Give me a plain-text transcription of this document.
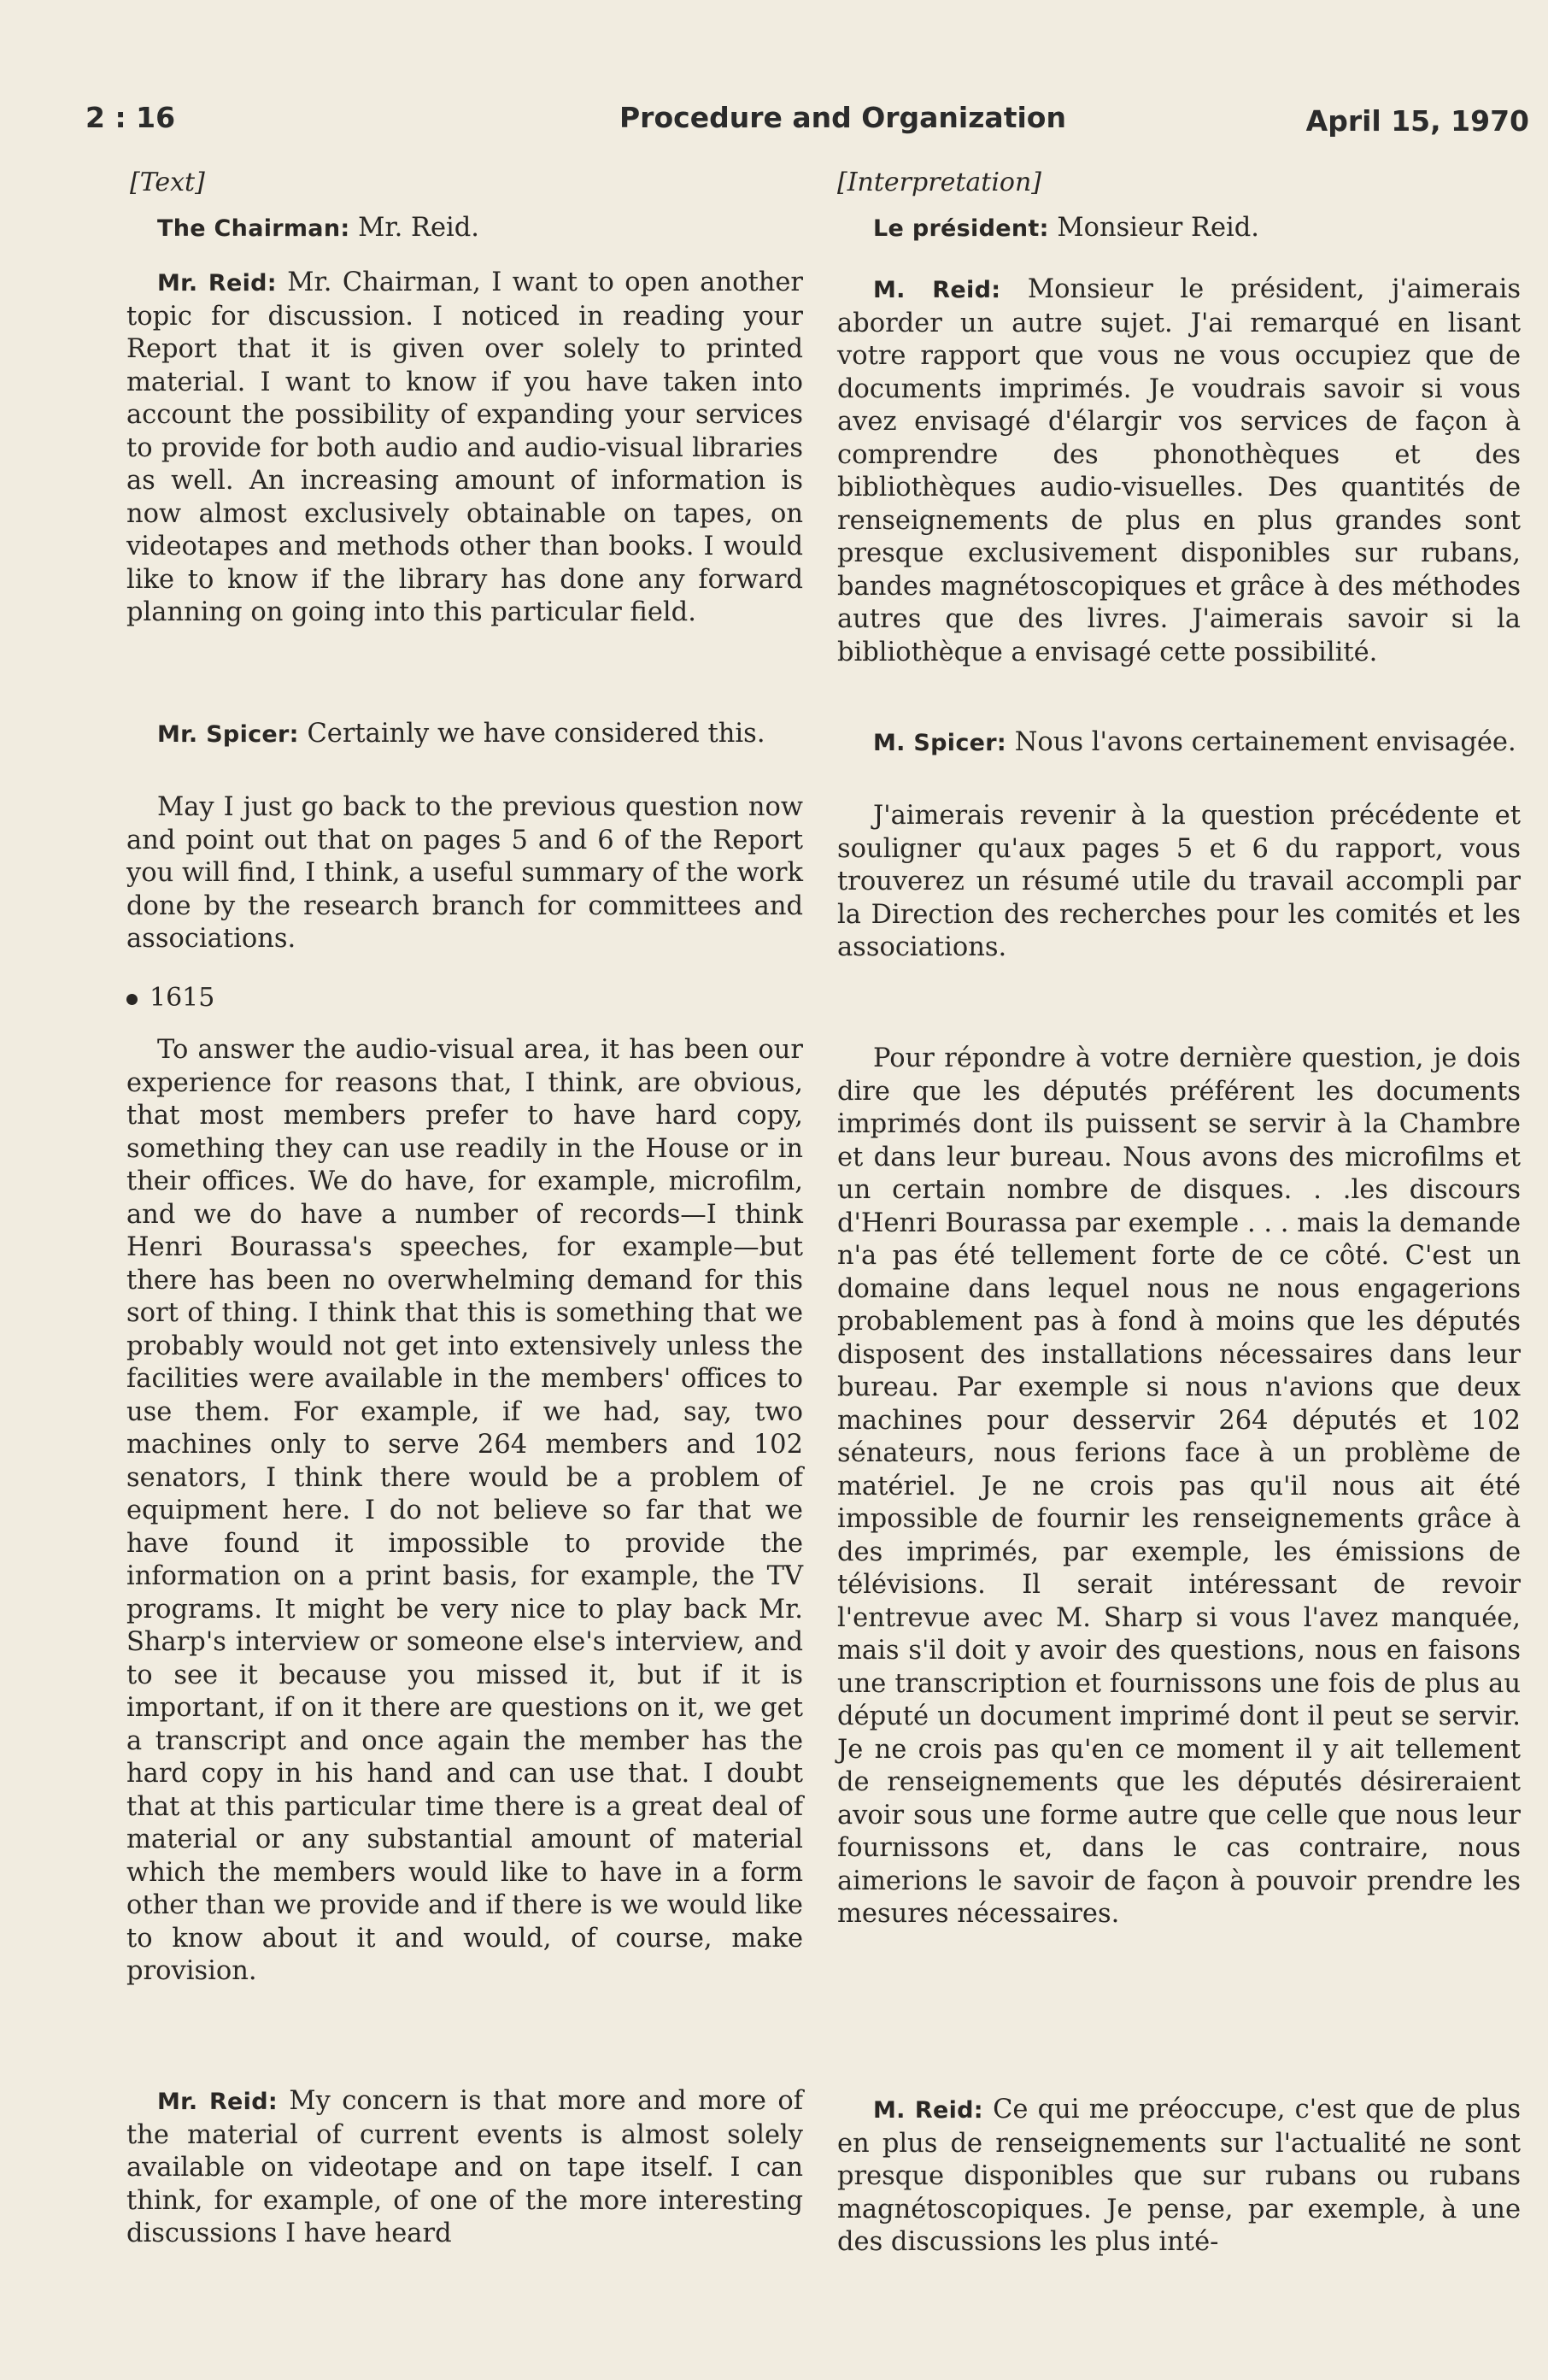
2 : 16	Procedure and Organization	April 15, 1970

[Text]

The Chairman: Mr. Reid.

Mr. Reid: Mr. Chairman, I want to open another topic for discussion. I noticed in reading your Report that it is given over solely to printed material. I want to know if you have taken into account the possibility of expanding your services to provide for both audio and audio-visual libraries as well. An increasing amount of information is now almost exclusively obtainable on tapes, on videotapes and methods other than books. I would like to know if the library has done any forward planning on going into this particular field.

Mr. Spicer: Certainly we have considered this.

May I just go back to the previous question now and point out that on pages 5 and 6 of the Report you will find, I think, a useful summary of the work done by the research branch for committees and associations.

1615

To answer the audio-visual area, it has been our experience for reasons that, I think, are obvious, that most members prefer to have hard copy, something they can use readily in the House or in their offices. We do have, for example, microfilm, and we do have a number of records—I think Henri Bourassa's speeches, for example—but there has been no overwhelming demand for this sort of thing. I think that this is something that we probably would not get into extensively unless the facilities were available in the members' offices to use them. For example, if we had, say, two machines only to serve 264 members and 102 senators, I think there would be a problem of equipment here. I do not believe so far that we have found it impossible to provide the information on a print basis, for example, the TV programs. It might be very nice to play back Mr. Sharp's interview or someone else's interview, and to see it because you missed it, but if it is important, if on it there are questions on it, we get a transcript and once again the member has the hard copy in his hand and can use that. I doubt that at this particular time there is a great deal of material or any substantial amount of material which the members would like to have in a form other than we provide and if there is we would like to know about it and would, of course, make provision.

Mr. Reid: My concern is that more and more of the material of current events is almost solely available on videotape and on tape itself. I can think, for example, of one of the more interesting discussions I have heard

[Interpretation]

Le président: Monsieur Reid.

M. Reid: Monsieur le président, j'aimerais aborder un autre sujet. J'ai remarqué en lisant votre rapport que vous ne vous occupiez que de documents imprimés. Je voudrais savoir si vous avez envisagé d'élargir vos services de façon à comprendre des phonothèques et des bibliothèques audio-visuelles. Des quantités de renseignements de plus en plus grandes sont presque exclusivement disponibles sur rubans, bandes magnétoscopiques et grâce à des méthodes autres que des livres. J'aimerais savoir si la bibliothèque a envisagé cette possibilité.

M. Spicer: Nous l'avons certainement envisagée.

J'aimerais revenir à la question précédente et souligner qu'aux pages 5 et 6 du rapport, vous trouverez un résumé utile du travail accompli par la Direction des recherches pour les comités et les associations.

Pour répondre à votre dernière question, je dois dire que les députés préférent les documents imprimés dont ils puissent se servir à la Chambre et dans leur bureau. Nous avons des microfilms et un certain nombre de disques. . .les discours d'Henri Bourassa par exemple . . . mais la demande n'a pas été tellement forte de ce côté. C'est un domaine dans lequel nous ne nous engagerions probablement pas à fond à moins que les députés disposent des installations nécessaires dans leur bureau. Par exemple si nous n'avions que deux machines pour desservir 264 députés et 102 sénateurs, nous ferions face à un problème de matériel. Je ne crois pas qu'il nous ait été impossible de fournir les renseignements grâce à des imprimés, par exemple, les émissions de télévisions. Il serait intéressant de revoir l'entrevue avec M. Sharp si vous l'avez manquée, mais s'il doit y avoir des questions, nous en faisons une transcription et fournissons une fois de plus au député un document imprimé dont il peut se servir. Je ne crois pas qu'en ce moment il y ait tellement de renseignements que les députés désireraient avoir sous une forme autre que celle que nous leur fournissons et, dans le cas contraire, nous aimerions le savoir de façon à pouvoir prendre les mesures nécessaires.

M. Reid: Ce qui me préoccupe, c'est que de plus en plus de renseignements sur l'actualité ne sont presque disponibles que sur rubans ou rubans magnétoscopiques. Je pense, par exemple, à une des discussions les plus inté-
